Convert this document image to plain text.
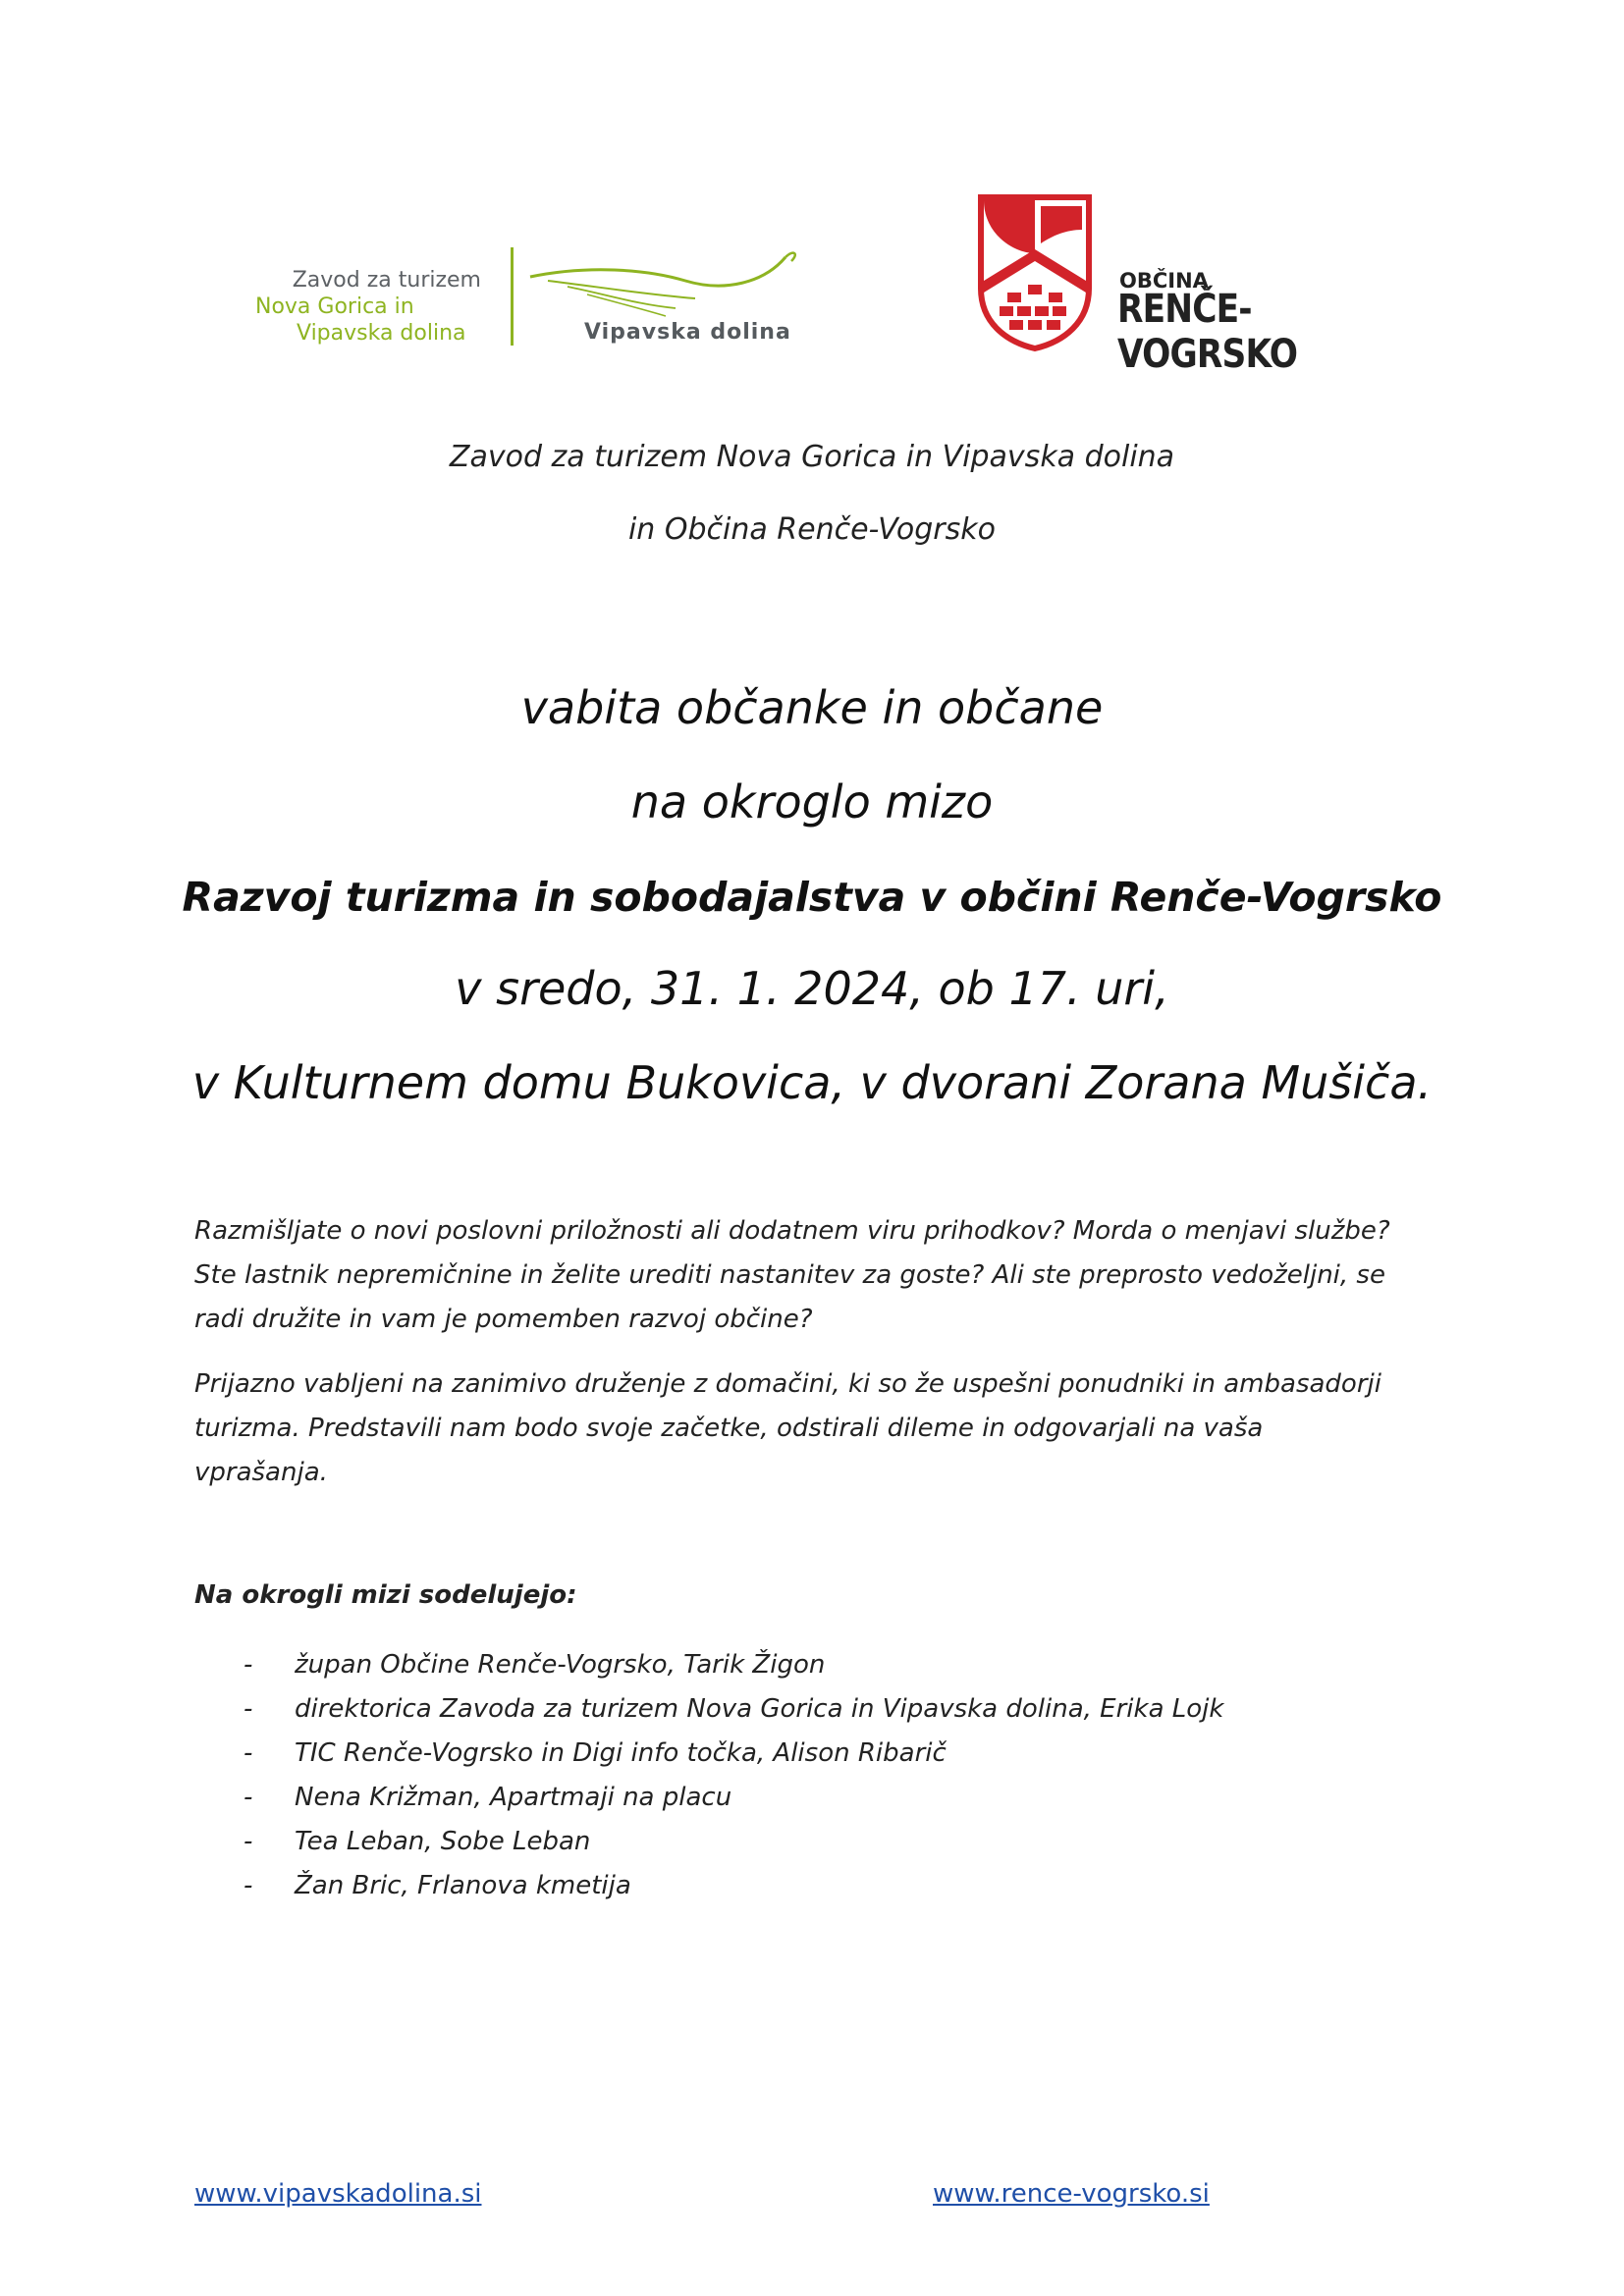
Zavod za turizem
Nova Gorica in
Vipavska dolina	Vipavska dolina
OBČINA
RENČE-VOGRSKO
Zavod za turizem Nova Gorica in Vipavska dolina
in Občina Renče-Vogrsko
vabita občanke in občane
na okroglo mizo
Razvoj turizma in sobodajalstva v občini Renče-Vogrsko
v sredo, 31. 1. 2024, ob 17. uri,
v Kulturnem domu Bukovica, v dvorani Zorana Mušiča.

Razmišljate o novi poslovni priložnosti ali dodatnem viru prihodkov? Morda o menjavi službe?

Ste lastnik nepremičnine in želite urediti nastanitev za goste? Ali ste preprosto vedoželjni, se

radi družite in vam je pomemben razvoj občine?

Prijazno vabljeni na zanimivo druženje z domačini, ki so že uspešni ponudniki in ambasadorji

turizma. Predstavili nam bodo svoje začetke, odstirali dileme in odgovarjali na vaša

vprašanja.

Na okrogli mizi sodelujejo:
- župan Občine Renče-Vogrsko, Tarik Žigon
- direktorica Zavoda za turizem Nova Gorica in Vipavska dolina, Erika Lojk
- TIC Renče-Vogrsko in Digi info točka, Alison Ribarič
- Nena Križman, Apartmaji na placu
- Tea Leban, Sobe Leban
- Žan Bric, Frlanova kmetija
www.vipavskadolina.si	www.rence-vogrsko.si
